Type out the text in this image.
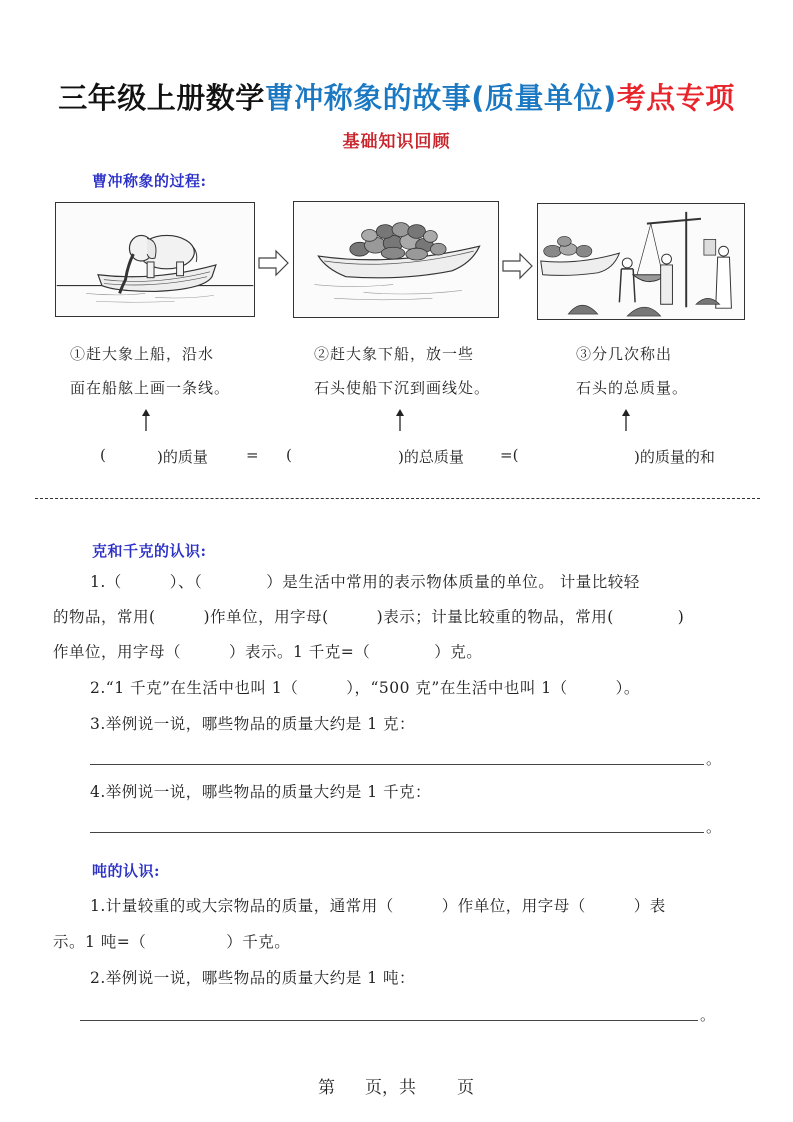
三年级上册数学曹冲称象的故事(质量单位)考点专项
基础知识回顾
曹冲称象的过程:
①赶大象上船，沿水
面在船舷上画一条线。
②赶大象下船，放一些
石头使船下沉到画线处。
③分几次称出
石头的总质量。
(	)的质量	= (	)的总质量 =(	)的质量的和
克和千克的认识:
1.（　　　）、（　　　　）是生活中常用的表示物体质量的单位。 计量比较轻
的物品，常用(　　　)作单位，用字母(　　　)表示；计量比较重的物品，常用(　　　　)
作单位，用字母（　　　）表示。1 千克=（　　　　）克。
2.“1 千克”在生活中也叫 1（　　　），“500 克”在生活中也叫 1（　　　）。
3.举例说一说，哪些物品的质量大约是 1 克：
。
4.举例说一说，哪些物品的质量大约是 1 千克：
。
吨的认识:
1.计量较重的或大宗物品的质量，通常用（　　　）作单位，用字母（　　　）表
示。1 吨=（　　　　　）千克。
2.举例说一说，哪些物品的质量大约是 1 吨：
。
第 页，共 页
